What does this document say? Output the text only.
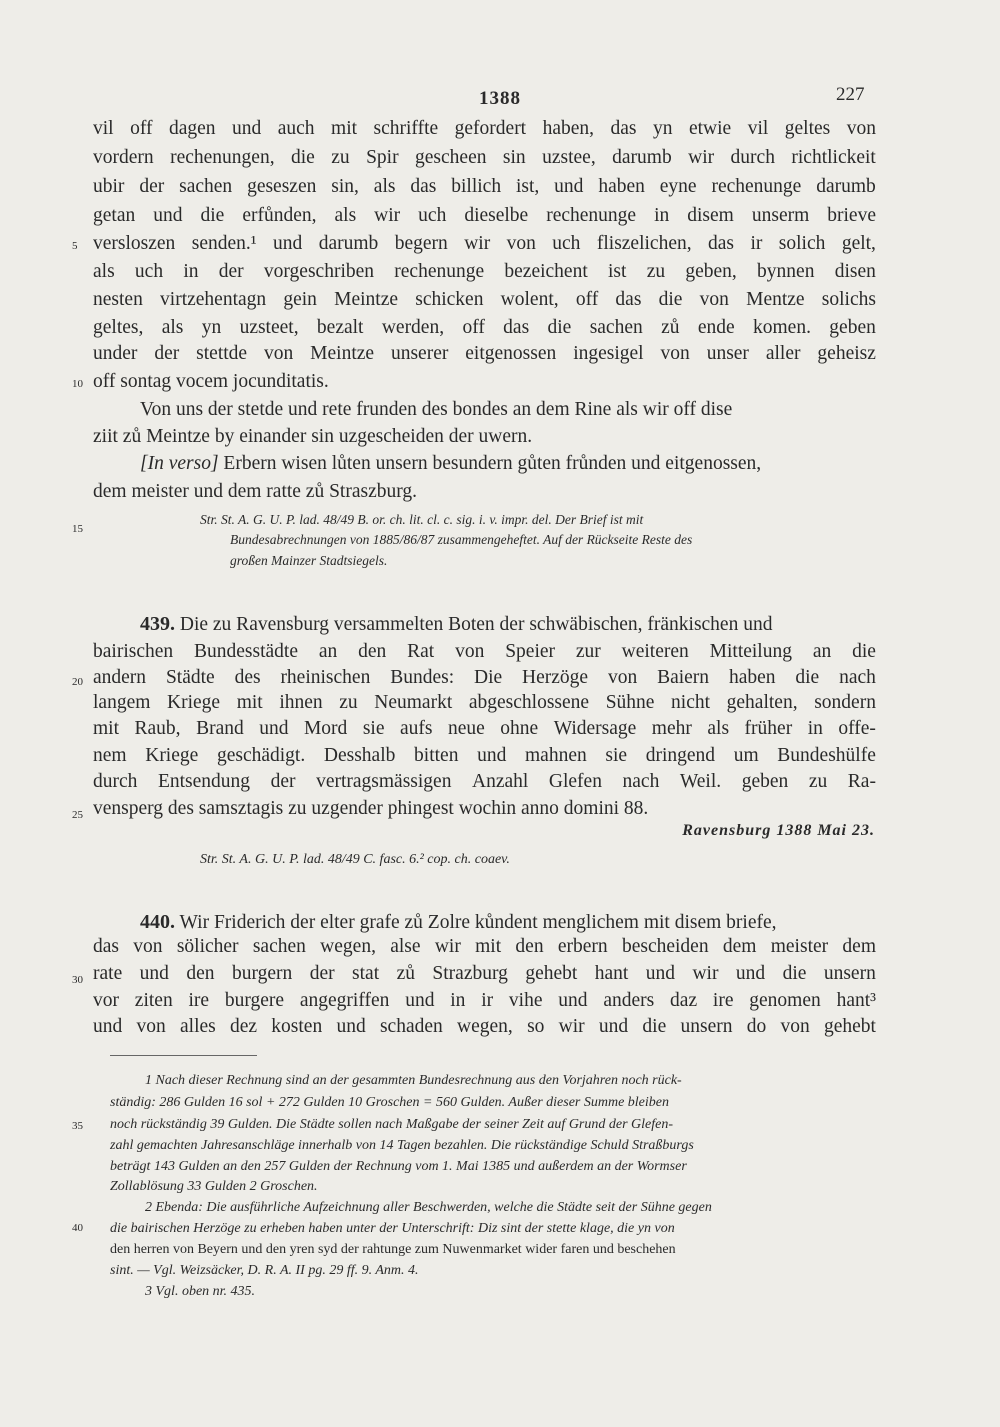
1388	227
vil off dagen und auch mit schriffte gefordert haben, das yn etwie vil geltes von
vordern rechenungen, die zu Spir gescheen sin uzstee, darumb wir durch richtlickeit
ubir der sachen geseszen sin, als das billich ist, und haben eyne rechenunge darumb
getan und die erfůnden, als wir uch dieselbe rechenunge in disem unserm brieve
versloszen senden.¹ und darumb begern wir von uch fliszelichen, das ir solich gelt,
als uch in der vorgeschriben rechenunge bezeichent ist zu geben, bynnen disen
nesten virtzehentagn gein Meintze schicken wolent, off das die von Mentze solichs
geltes, als yn uzsteet, bezalt werden, off das die sachen zů ende komen. geben
under der stettde von Meintze unserer eitgenossen ingesigel von unser aller geheisz
off sontag vocem jocunditatis.
Von uns der stetde und rete frunden des bondes an dem Rine als wir off dise
ziit zů Meintze by einander sin uzgescheiden der uwern.
[In verso] Erbern wisen lůten unsern besundern gůten frůnden und eitgenossen,
dem meister und dem ratte zů Straszburg.
Str. St. A. G. U. P. lad. 48/49 B. or. ch. lit. cl. c. sig. i. v. impr. del. Der Brief ist mit
Bundesabrechnungen von 1885/86/87 zusammengeheftet. Auf der Rückseite Reste des
großen Mainzer Stadtsiegels.
439. Die zu Ravensburg versammelten Boten der schwäbischen, fränkischen und
bairischen Bundesstädte an den Rat von Speier zur weiteren Mitteilung an die
andern Städte des rheinischen Bundes: Die Herzöge von Baiern haben die nach
langem Kriege mit ihnen zu Neumarkt abgeschlossene Sühne nicht gehalten, sondern
mit Raub, Brand und Mord sie aufs neue ohne Widersage mehr als früher in offe-
nem Kriege geschädigt. Desshalb bitten und mahnen sie dringend um Bundeshülfe
durch Entsendung der vertragsmässigen Anzahl Glefen nach Weil. geben zu Ra-
vensperg des samsztagis zu uzgender phingest wochin anno domini 88.
Ravensburg 1388 Mai 23.
Str. St. A. G. U. P. lad. 48/49 C. fasc. 6.² cop. ch. coaev.
440. Wir Friderich der elter grafe zů Zolre kůndent menglichem mit disem briefe,
das von sölicher sachen wegen, alse wir mit den erbern bescheiden dem meister dem
rate und den burgern der stat zů Strazburg gehebt hant und wir und die unsern
vor ziten ire burgere angegriffen und in ir vihe und anders daz ire genomen hant³
und von alles dez kosten und schaden wegen, so wir und die unsern do von gehebt
1 Nach dieser Rechnung sind an der gesammten Bundesrechnung aus den Vorjahren noch rück-
ständig: 286 Gulden 16 sol + 272 Gulden 10 Groschen = 560 Gulden. Außer dieser Summe bleiben
noch rückständig 39 Gulden. Die Städte sollen nach Maßgabe der seiner Zeit auf Grund der Glefen-
zahl gemachten Jahresanschläge innerhalb von 14 Tagen bezahlen. Die rückständige Schuld Straßburgs
beträgt 143 Gulden an den 257 Gulden der Rechnung vom 1. Mai 1385 und außerdem an der Wormser
Zollablösung 33 Gulden 2 Groschen.
2 Ebenda: Die ausführliche Aufzeichnung aller Beschwerden, welche die Städte seit der Sühne gegen
die bairischen Herzöge zu erheben haben unter der Unterschrift: Diz sint der stette klage, die yn von
den herren von Beyern und den yren syd der rahtunge zum Nuwenmarket wider faren und beschehen
sint. — Vgl. Weizsäcker, D. R. A. II pg. 29 ff. 9. Anm. 4.
3 Vgl. oben nr. 435.
5
10
15
20
25
30
35
40
